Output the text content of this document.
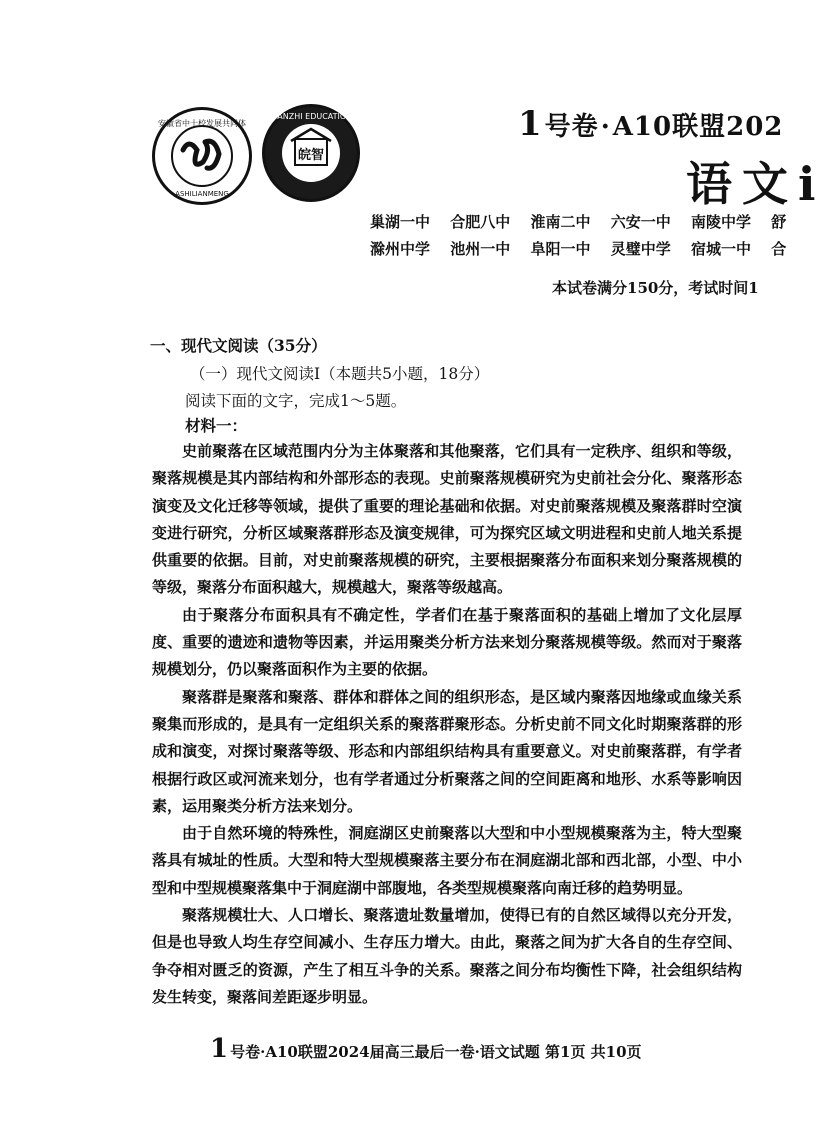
安徽省中十校发展共同体
ASHILIANMENG
皖智
WANZHI EDUCATION	1号卷·A10联盟202
语文i
巢湖一中 合肥八中 淮南二中 六安一中 南陵中学 舒
滁州中学 池州一中 阜阳一中 灵璧中学 宿城一中 合
本试卷满分150分，考试时间1
一、现代文阅读（35分）
（一）现代文阅读Ⅰ（本题共5小题，18分）
阅读下面的文字，完成1～5题。
材料一：

史前聚落在区域范围内分为主体聚落和其他聚落，它们具有一定秩序、组织和等级，聚落规模是其内部结构和外部形态的表现。史前聚落规模研究为史前社会分化、聚落形态演变及文化迁移等领域，提供了重要的理论基础和依据。对史前聚落规模及聚落群时空演变进行研究，分析区域聚落群形态及演变规律，可为探究区域文明进程和史前人地关系提供重要的依据。目前，对史前聚落规模的研究，主要根据聚落分布面积来划分聚落规模的等级，聚落分布面积越大，规模越大，聚落等级越高。

由于聚落分布面积具有不确定性，学者们在基于聚落面积的基础上增加了文化层厚度、重要的遗迹和遗物等因素，并运用聚类分析方法来划分聚落规模等级。然而对于聚落规模划分，仍以聚落面积作为主要的依据。

聚落群是聚落和聚落、群体和群体之间的组织形态，是区域内聚落因地缘或血缘关系聚集而形成的，是具有一定组织关系的聚落群聚形态。分析史前不同文化时期聚落群的形成和演变，对探讨聚落等级、形态和内部组织结构具有重要意义。对史前聚落群，有学者根据行政区或河流来划分，也有学者通过分析聚落之间的空间距离和地形、水系等影响因素，运用聚类分析方法来划分。

由于自然环境的特殊性，洞庭湖区史前聚落以大型和中小型规模聚落为主，特大型聚落具有城址的性质。大型和特大型规模聚落主要分布在洞庭湖北部和西北部，小型、中小型和中型规模聚落集中于洞庭湖中部腹地，各类型规模聚落向南迁移的趋势明显。

聚落规模壮大、人口增长、聚落遗址数量增加，使得已有的自然区域得以充分开发，但是也导致人均生存空间减小、生存压力增大。由此，聚落之间为扩大各自的生存空间、争夺相对匮乏的资源，产生了相互斗争的关系。聚落之间分布均衡性下降，社会组织结构发生转变，聚落间差距逐步明显。

1 号卷·A10联盟2024届高三最后一卷·语文试题 第1页 共10页
